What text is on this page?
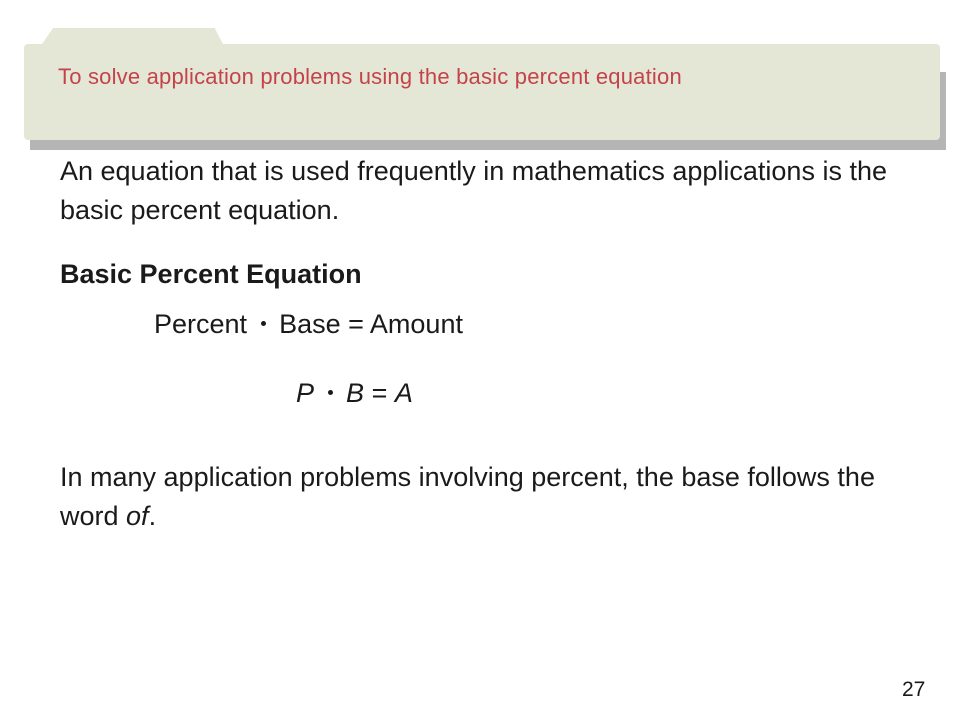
To solve application problems using the basic percent equation
An equation that is used frequently in mathematics applications is the basic percent equation.
Basic Percent Equation
Percent Base = Amount
P  B = A
In many application problems involving percent, the base follows the word of.
27
